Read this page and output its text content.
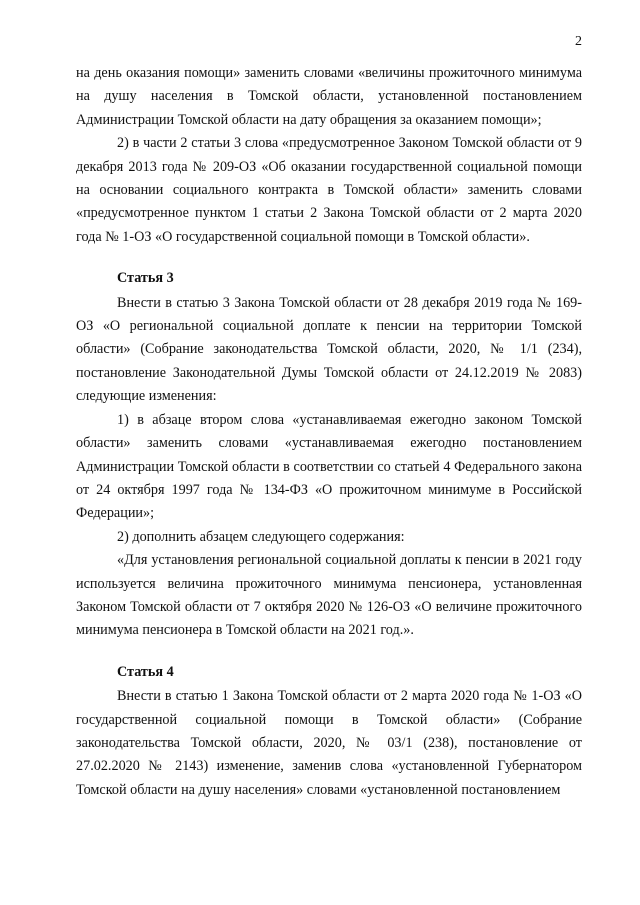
2

на день оказания помощи» заменить словами «величины прожиточного минимума на душу населения в Томской области, установленной постановлением Администрации Томской области на дату обращения за оказанием помощи»;

2) в части 2 статьи 3 слова «предусмотренное Законом Томской области от 9 декабря 2013 года № 209-ОЗ «Об оказании государственной социальной помощи на основании социального контракта в Томской области» заменить словами «предусмотренное пунктом 1 статьи 2 Закона Томской области от 2 марта 2020 года № 1-ОЗ «О государственной социальной помощи в Томской области».

Статья 3

Внести в статью 3 Закона Томской области от 28 декабря 2019 года № 169-ОЗ «О региональной социальной доплате к пенсии на территории Томской области» (Собрание законодательства Томской области, 2020, № 1/1 (234), постановление Законодательной Думы Томской области от 24.12.2019 № 2083) следующие изменения:

1) в абзаце втором слова «устанавливаемая ежегодно законом Томской области» заменить словами «устанавливаемая ежегодно постановлением Администрации Томской области в соответствии со статьей 4 Федерального закона от 24 октября 1997 года № 134-ФЗ «О прожиточном минимуме в Российской Федерации»;

2) дополнить абзацем следующего содержания:

«Для установления региональной социальной доплаты к пенсии в 2021 году используется величина прожиточного минимума пенсионера, установленная Законом Томской области от 7 октября 2020 № 126-ОЗ «О величине прожиточного минимума пенсионера в Томской области на 2021 год.».

Статья 4

Внести в статью 1 Закона Томской области от 2 марта 2020 года № 1-ОЗ «О государственной социальной помощи в Томской области» (Собрание законодательства Томской области, 2020, № 03/1 (238), постановление от 27.02.2020 № 2143) изменение, заменив слова «установленной Губернатором Томской области на душу населения» словами «установленной постановлением
